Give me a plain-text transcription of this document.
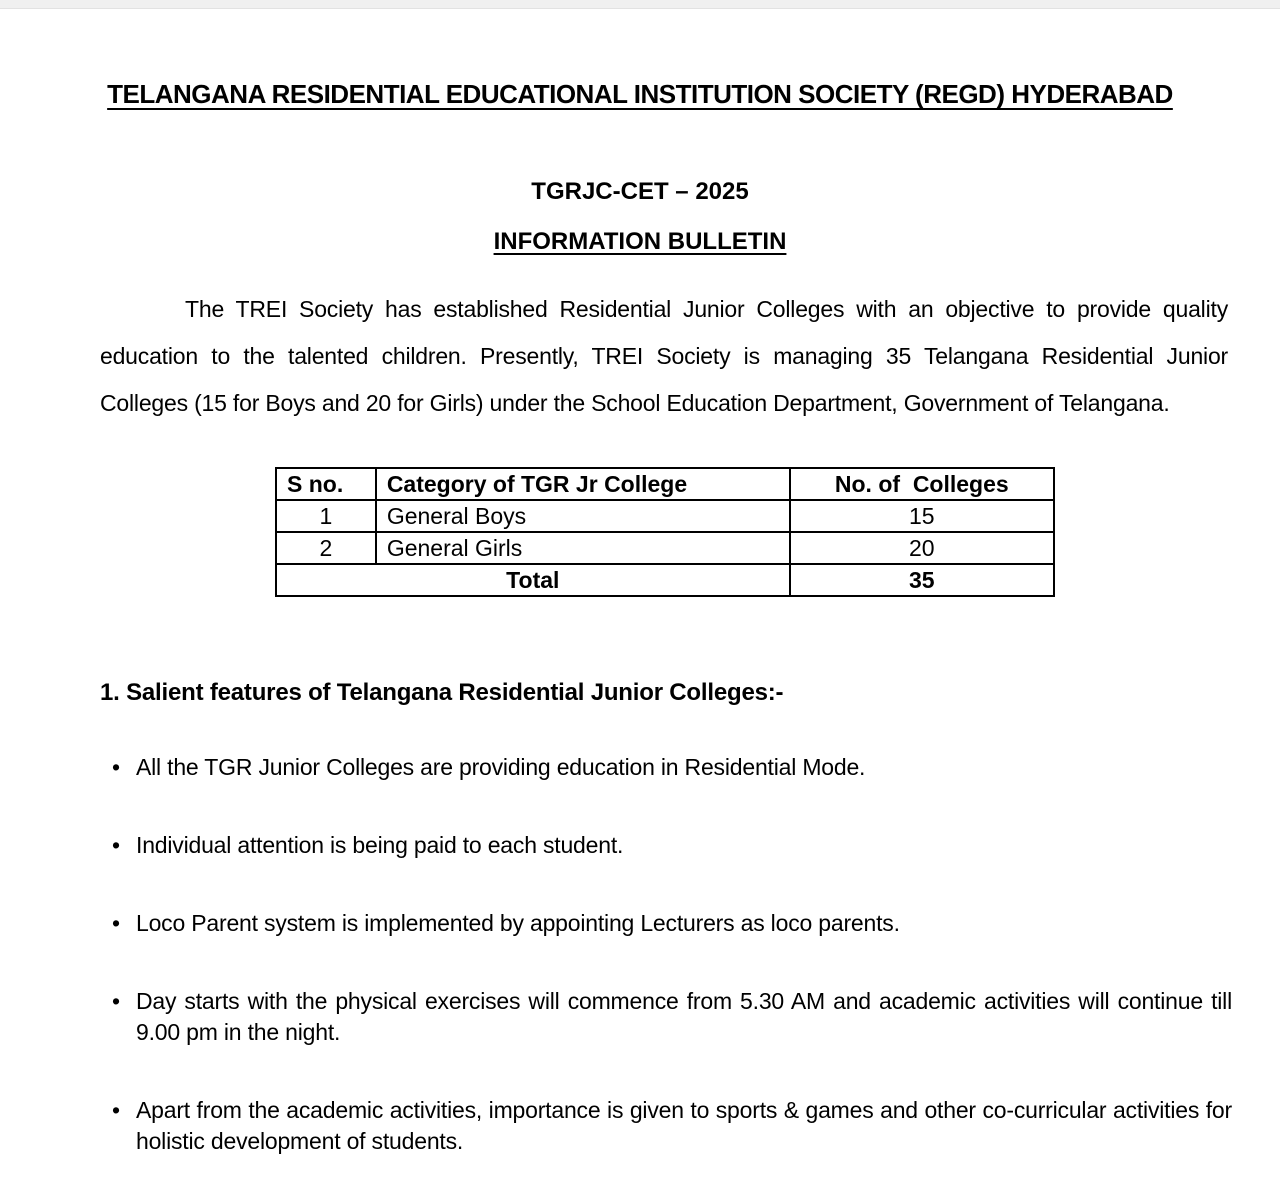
TELANGANA RESIDENTIAL EDUCATIONAL INSTITUTION SOCIETY (REGD) HYDERABAD
TGRJC-CET – 2025
INFORMATION BULLETIN

The TREI Society has established Residential Junior Colleges with an objective to provide quality education to the talented children. Presently, TREI Society is managing 35 Telangana Residential Junior Colleges (15 for Boys and 20 for Girls) under the School Education Department, Government of Telangana.

S no.	Category of TGR Jr College	No. of  Colleges
1	General Boys	15
2	General Girls	20
Total		35
1. Salient features of Telangana Residential Junior Colleges:-
• All the TGR Junior Colleges are providing education in Residential Mode.
• Individual attention is being paid to each student.
• Loco Parent system is implemented by appointing Lecturers as loco parents.
• Day starts with the physical exercises will commence from 5.30 AM and academic activities will continue till 9.00 pm in the night.
• Apart from the academic activities, importance is given to sports & games and other co-curricular activities for holistic development of students.
